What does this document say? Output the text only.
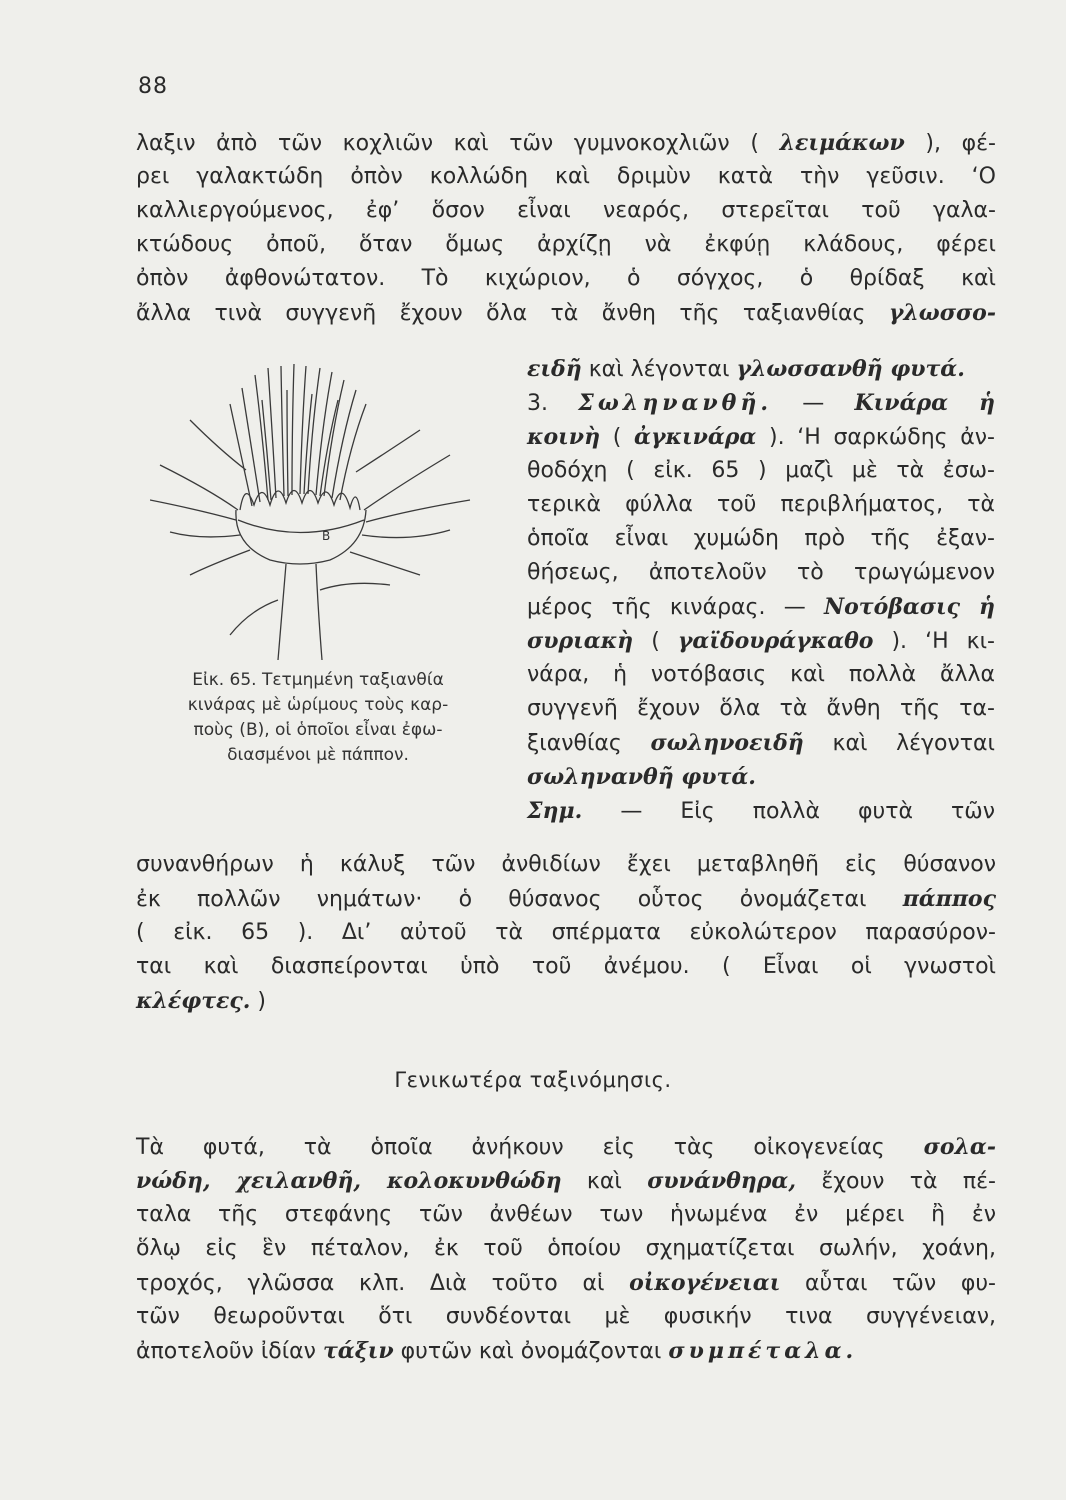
88
λαξιν ἀπὸ τῶν κοχλιῶν καὶ τῶν γυμνοκοχλιῶν ( λειμάκων ), φέ-
ρει γαλακτώδη ὀπὸν κολλώδη καὶ δριμὺν κατὰ τὴν γεῦσιν. ‘Ο
καλλιεργούμενος, ἐφ’ ὅσον εἶναι νεαρός, στερεῖται τοῦ γαλα-
κτώδους ὀποῦ, ὅταν ὅμως ἀρχίζῃ νὰ ἐκφύῃ κλάδους, φέρει
ὀπὸν ἀφθονώτατον. Τὸ κιχώριον, ὁ σόγχος, ὁ θρίδαξ καὶ
ἄλλα τινὰ συγγενῆ ἔχουν ὅλα τὰ ἄνθη τῆς ταξιανθίας γλωσσο-
ειδῆ καὶ λέγονται γλωσσανθῆ φυτά.
3. Σωληνανθῆ. — Κινάρα ἡ
κοινὴ ( ἀγκινάρα ). ‘Η σαρκώδης ἀν-
θοδόχη ( εἰκ. 65 ) μαζὶ μὲ τὰ ἐσω-
τερικὰ φύλλα τοῦ περιβλήματος, τὰ
ὁποῖα εἶναι χυμώδη πρὸ τῆς ἐξαν-
θήσεως, ἀποτελοῦν τὸ τρωγώμενον
μέρος τῆς κινάρας. — Νοτόβασις ἡ
συριακὴ ( γαϊδουράγκαθο ). ‘Η κι-
νάρα, ἡ νοτόβασις καὶ πολλὰ ἄλλα
συγγενῆ ἔχουν ὅλα τὰ ἄνθη τῆς τα-
ξιανθίας σωληνοειδῆ καὶ λέγονται
σωληνανθῆ φυτά.
Σημ. — Εἰς πολλὰ φυτὰ τῶν
B
Εἰκ. 65. Τετμημένη ταξιανθία
κινάρας μὲ ὡρίμους τοὺς καρ-
ποὺς (Β), οἱ ὁποῖοι εἶναι ἐφω-
διασμένοι μὲ πάππον.
συνανθήρων ἡ κάλυξ τῶν ἀνθιδίων ἔχει μεταβληθῆ εἰς θύσανον
ἐκ πολλῶν νημάτων· ὁ θύσανος οὗτος ὀνομάζεται πάππος
( εἰκ. 65 ). Δι’ αὐτοῦ τὰ σπέρματα εὐκολώτερον παρασύρον-
ται καὶ διασπείρονται ὑπὸ τοῦ ἀνέμου. ( Εἶναι οἱ γνωστοὶ
κλέφτες. )
Γενικωτέρα ταξινόμησις.
Τὰ φυτά, τὰ ὁποῖα ἀνήκουν εἰς τὰς οἰκογενείας σολα-
νώδη, χειλανθῆ, κολοκυνθώδη καὶ συνάνθηρα, ἔχουν τὰ πέ-
ταλα τῆς στεφάνης τῶν ἀνθέων των ἡνωμένα ἐν μέρει ἢ ἐν
ὅλῳ εἰς ἓν πέταλον, ἐκ τοῦ ὁποίου σχηματίζεται σωλήν, χοάνη,
τροχός, γλῶσσα κλπ. Διὰ τοῦτο αἱ οἰκογένειαι αὗται τῶν φυ-
τῶν θεωροῦνται ὅτι συνδέονται μὲ φυσικήν τινα συγγένειαν,
ἀποτελοῦν ἰδίαν τάξιν φυτῶν καὶ ὀνομάζονται συμπέταλα.
